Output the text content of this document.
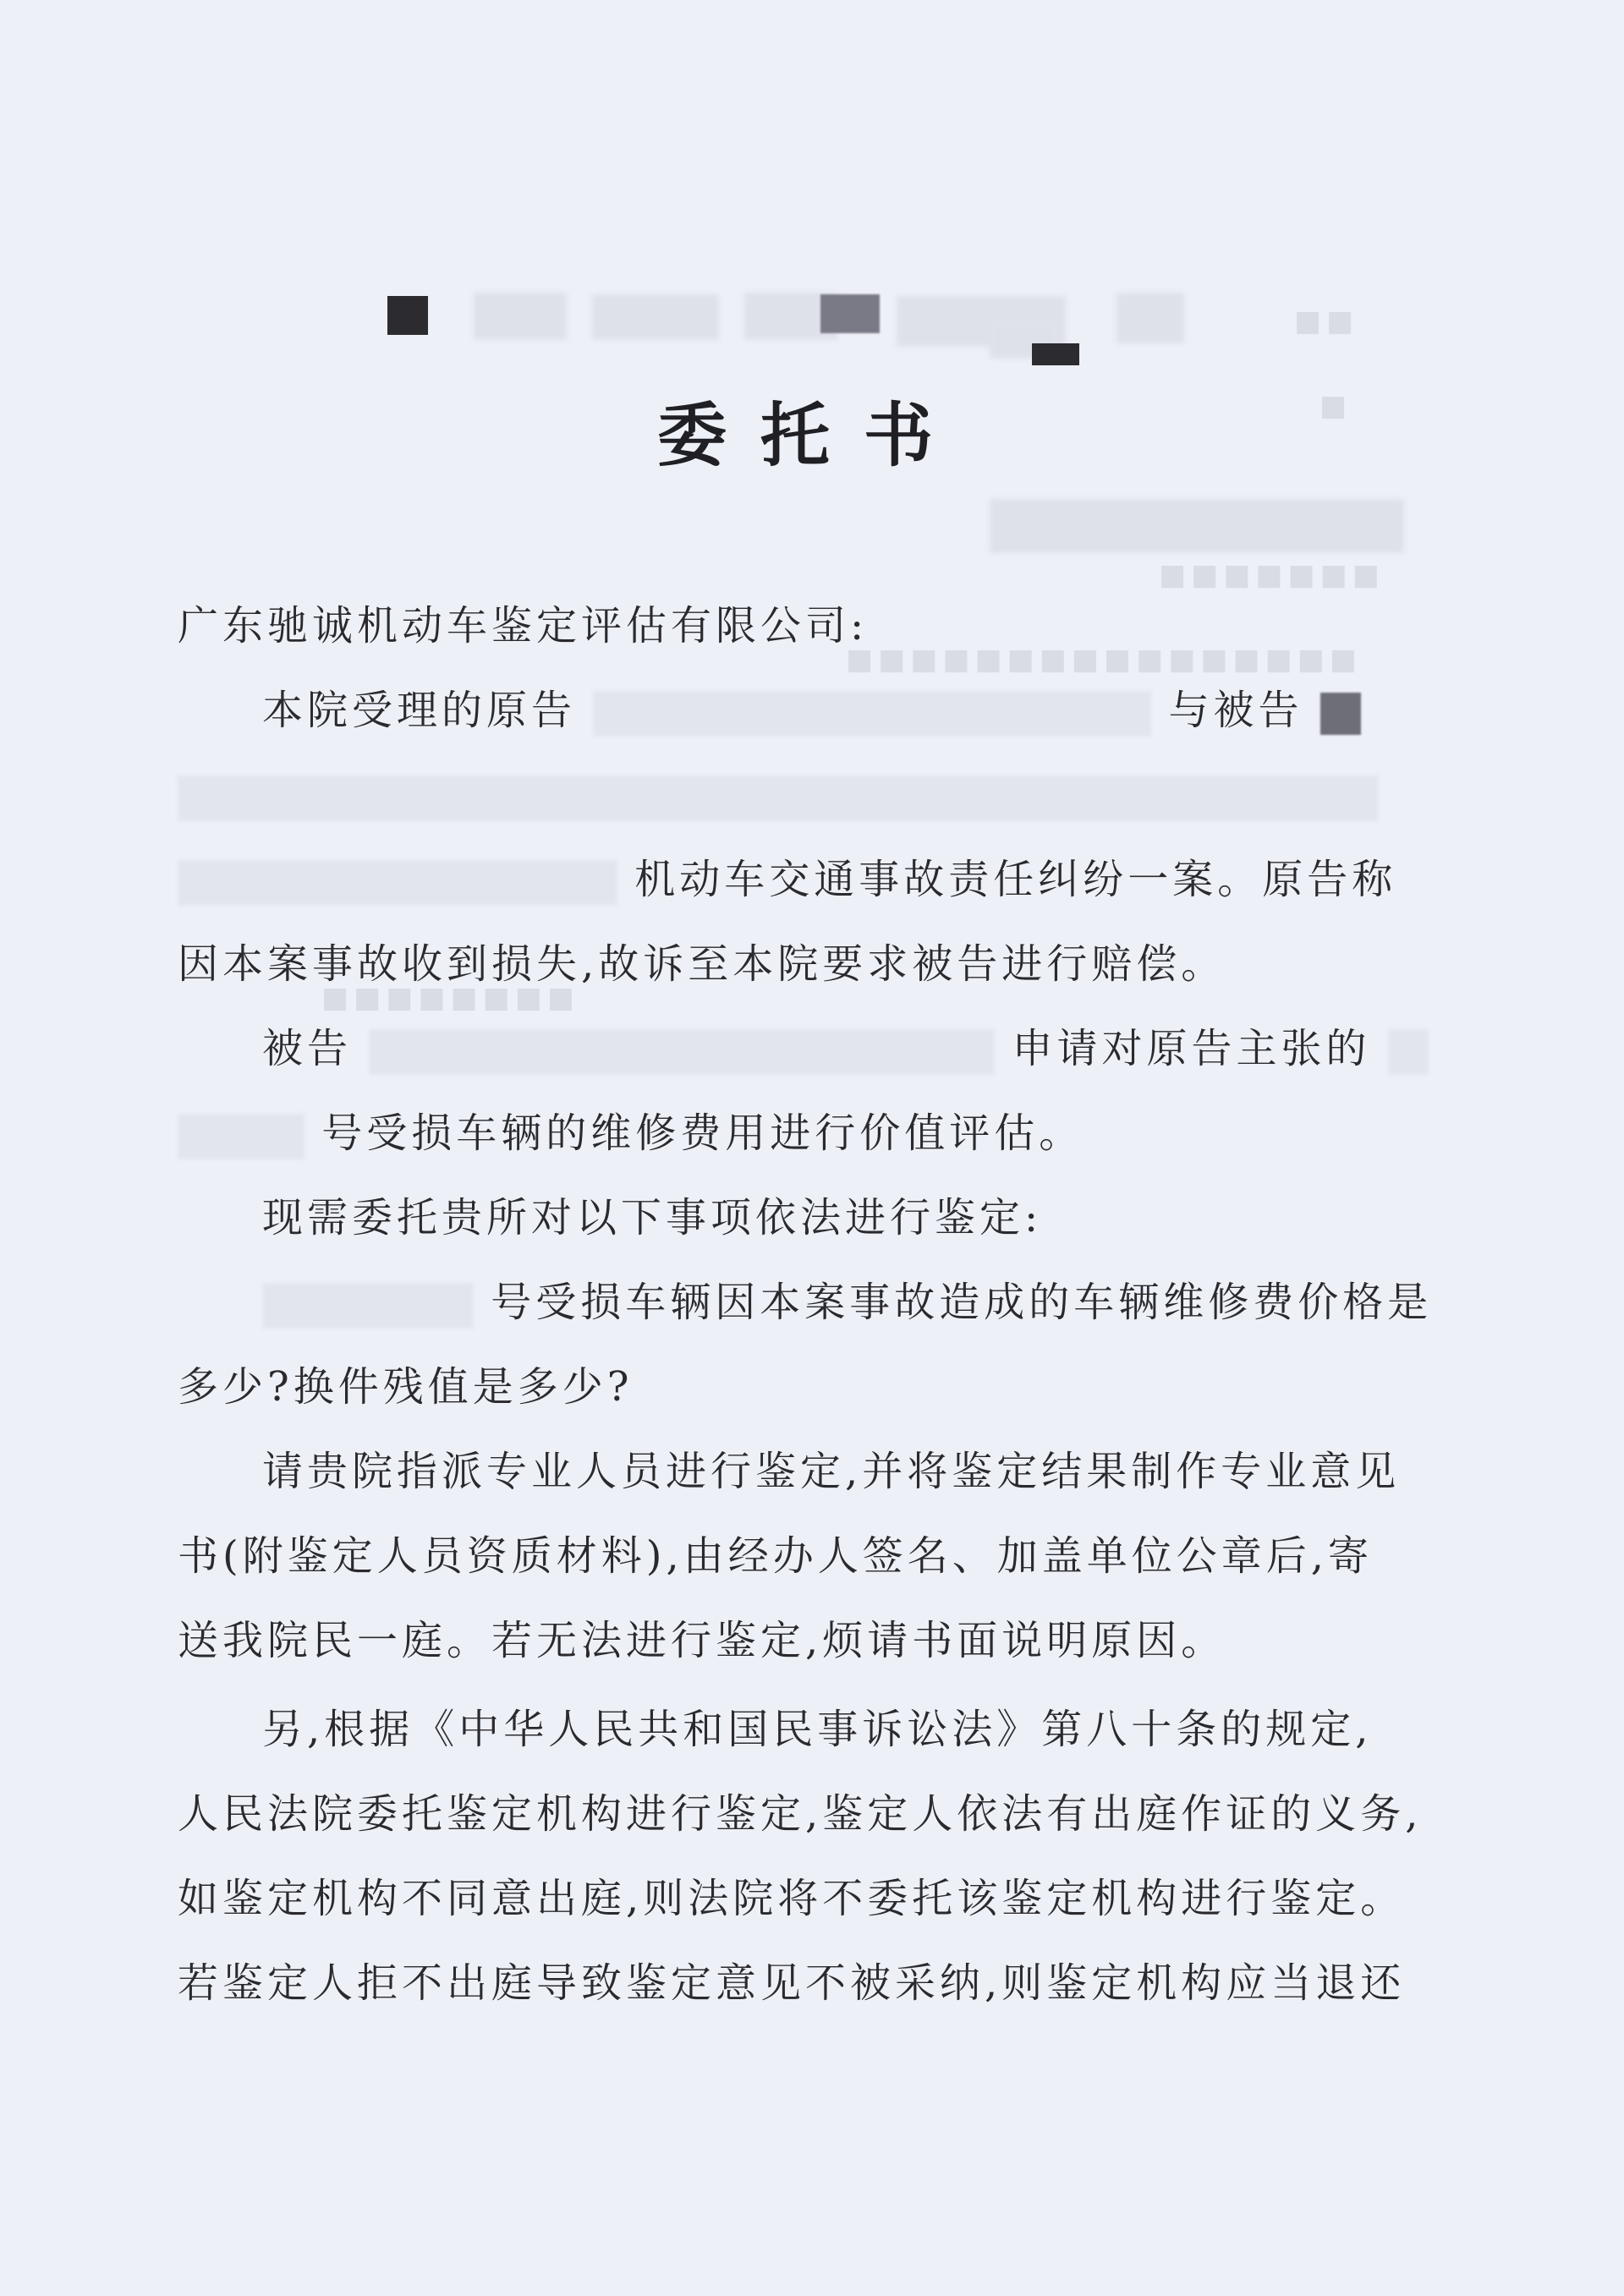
■■
■
■■■■■■■
■■■■■■■■■■■■■■■■
■■■■■■■■
委托书
广东驰诚机动车鉴定评估有限公司:
本院受理的原告	与被告
机动车交通事故责任纠纷一案。原告称
因本案事故收到损失,故诉至本院要求被告进行赔偿。
被告	申请对原告主张的
号受损车辆的维修费用进行价值评估。
现需委托贵所对以下事项依法进行鉴定:
号受损车辆因本案事故造成的车辆维修费价格是
多少?换件残值是多少?
请贵院指派专业人员进行鉴定,并将鉴定结果制作专业意见
书(附鉴定人员资质材料),由经办人签名、加盖单位公章后,寄
送我院民一庭。若无法进行鉴定,烦请书面说明原因。
另,根据《中华人民共和国民事诉讼法》第八十条的规定,
人民法院委托鉴定机构进行鉴定,鉴定人依法有出庭作证的义务,
如鉴定机构不同意出庭,则法院将不委托该鉴定机构进行鉴定。
若鉴定人拒不出庭导致鉴定意见不被采纳,则鉴定机构应当退还
